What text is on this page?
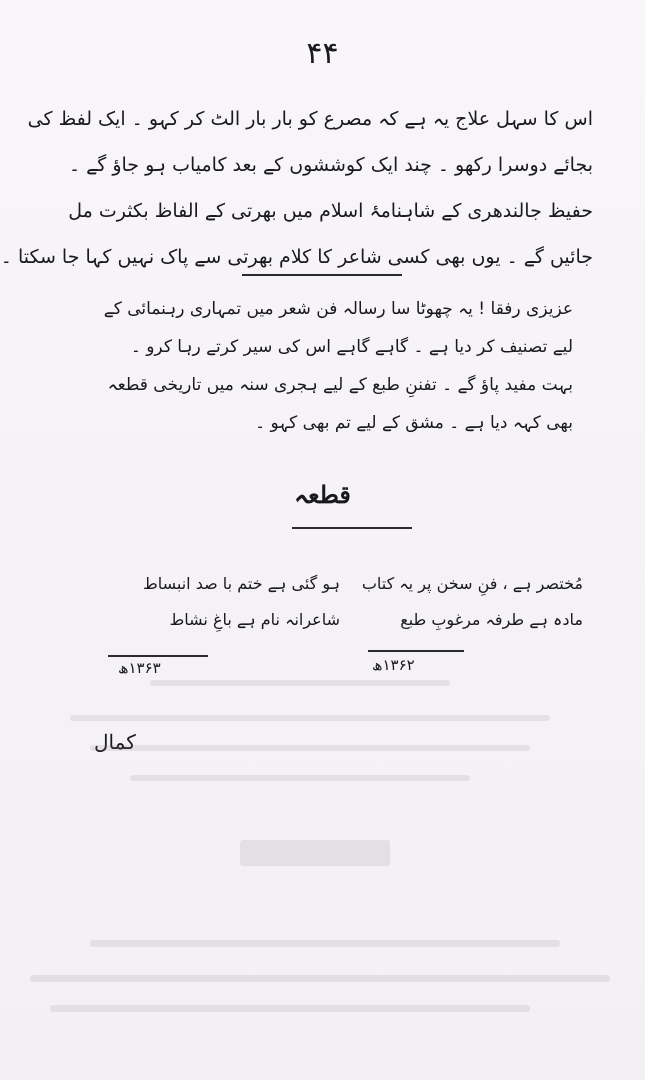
۴۴
اس کا سہل علاج یہ ہے کہ مصرع کو بار بار الٹ کر کہو ۔ ایک لفظ کی
بجائے دوسرا رکھو ۔ چند ایک کوششوں کے بعد کامیاب ہو جاؤ گے ۔
حفیظ جالندھری کے شاہنامۂ اسلام میں بھرتی کے الفاظ بکثرت مل
جائیں گے ۔ یوں بھی کسی شاعر کا کلام بھرتی سے پاک نہیں کہا جا سکتا ۔
عزیزی رفقا ! یہ چھوٹا سا رسالہ فن شعر میں تمہاری رہنمائی کے
لیے تصنیف کر دیا ہے ۔ گاہے گاہے اس کی سیر کرتے رہا کرو ۔
بہت مفید پاؤ گے ۔ تفننِ طبع کے لیے ہجری سنہ میں تاریخی قطعہ
بھی کہہ دیا ہے ۔ مشق کے لیے تم بھی کہو ۔
قطعہ
مُختصر ہے ، فنِ سخن پر یہ کتاب
مادہ ہے طرفہ مرغوبِ طبع
۱۳۶۲ھ
ہو گئی ہے ختم با صد انبساط
شاعرانہ نام ہے باغِ نشاط
۱۳۶۳ھ
کمال
